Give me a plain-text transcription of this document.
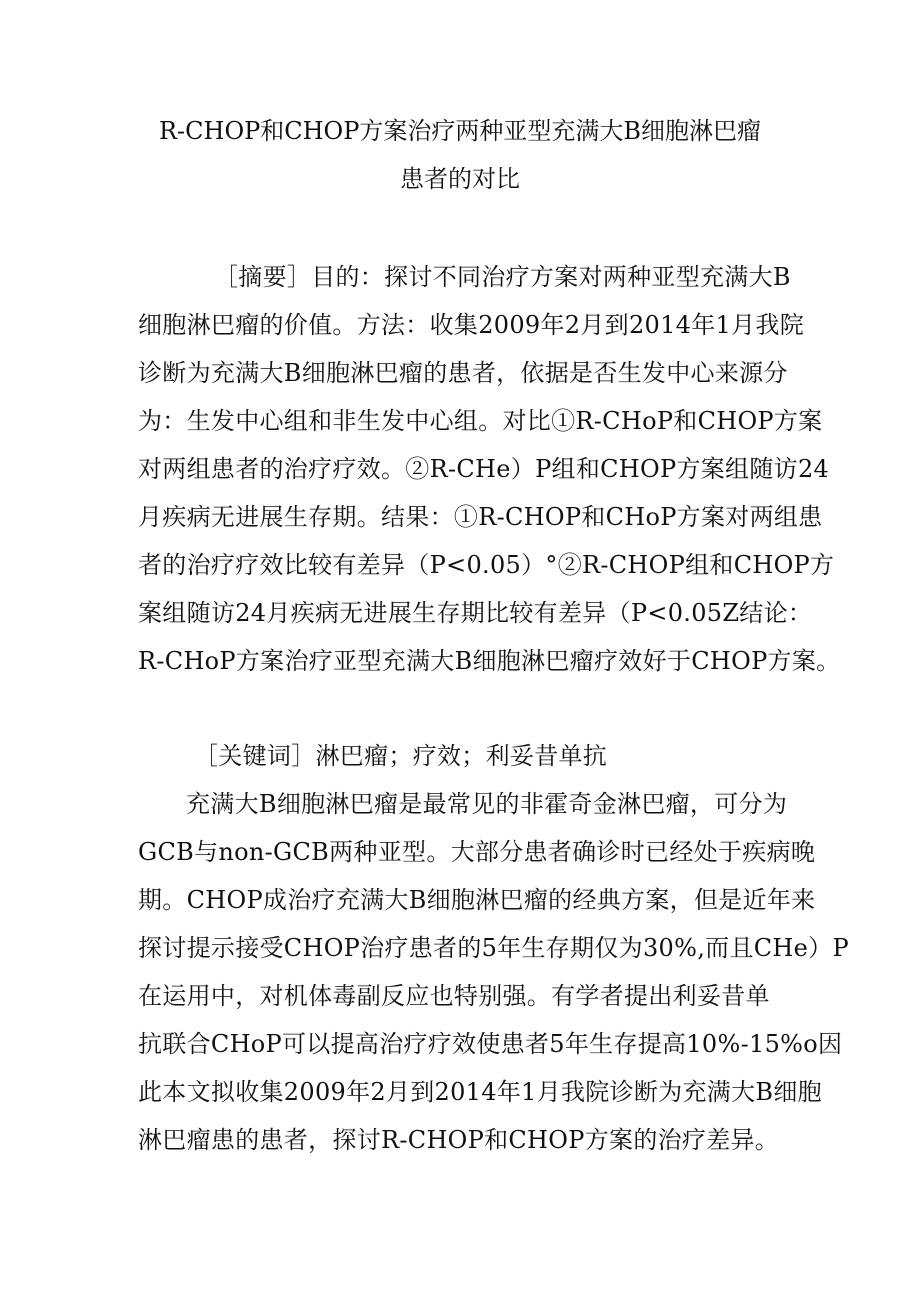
R-CHOP和CHOP方案治疗两种亚型充满大B细胞淋巴瘤
患者的对比
［摘要］目的：探讨不同治疗方案对两种亚型充满大B
细胞淋巴瘤的价值。方法：收集2009年2月到2014年1月我院
诊断为充满大B细胞淋巴瘤的患者，依据是否生发中心来源分
为：生发中心组和非生发中心组。对比①R-CHoP和CHOP方案
对两组患者的治疗疗效。②R-CHe）P组和CHOP方案组随访24
月疾病无进展生存期。结果：①R-CHOP和CHoP方案对两组患
者的治疗疗效比较有差异（P<0.05）°②R-CHOP组和CHOP方
案组随访24月疾病无进展生存期比较有差异（P<0.05Z结论：
R-CHoP方案治疗亚型充满大B细胞淋巴瘤疗效好于CHOP方案。
［关键词］淋巴瘤；疗效；利妥昔单抗
充满大B细胞淋巴瘤是最常见的非霍奇金淋巴瘤，可分为
GCB与non-GCB两种亚型。大部分患者确诊时已经处于疾病晚
期。CHOP成治疗充满大B细胞淋巴瘤的经典方案，但是近年来
探讨提示接受CHOP治疗患者的5年生存期仅为30%,而且CHe）P
在运用中，对机体毒副反应也特别强。有学者提出利妥昔单
抗联合CHoP可以提高治疗疗效使患者5年生存提高10%-15%o因
此本文拟收集2009年2月到2014年1月我院诊断为充满大B细胞
淋巴瘤患的患者，探讨R-CHOP和CHOP方案的治疗差异。
